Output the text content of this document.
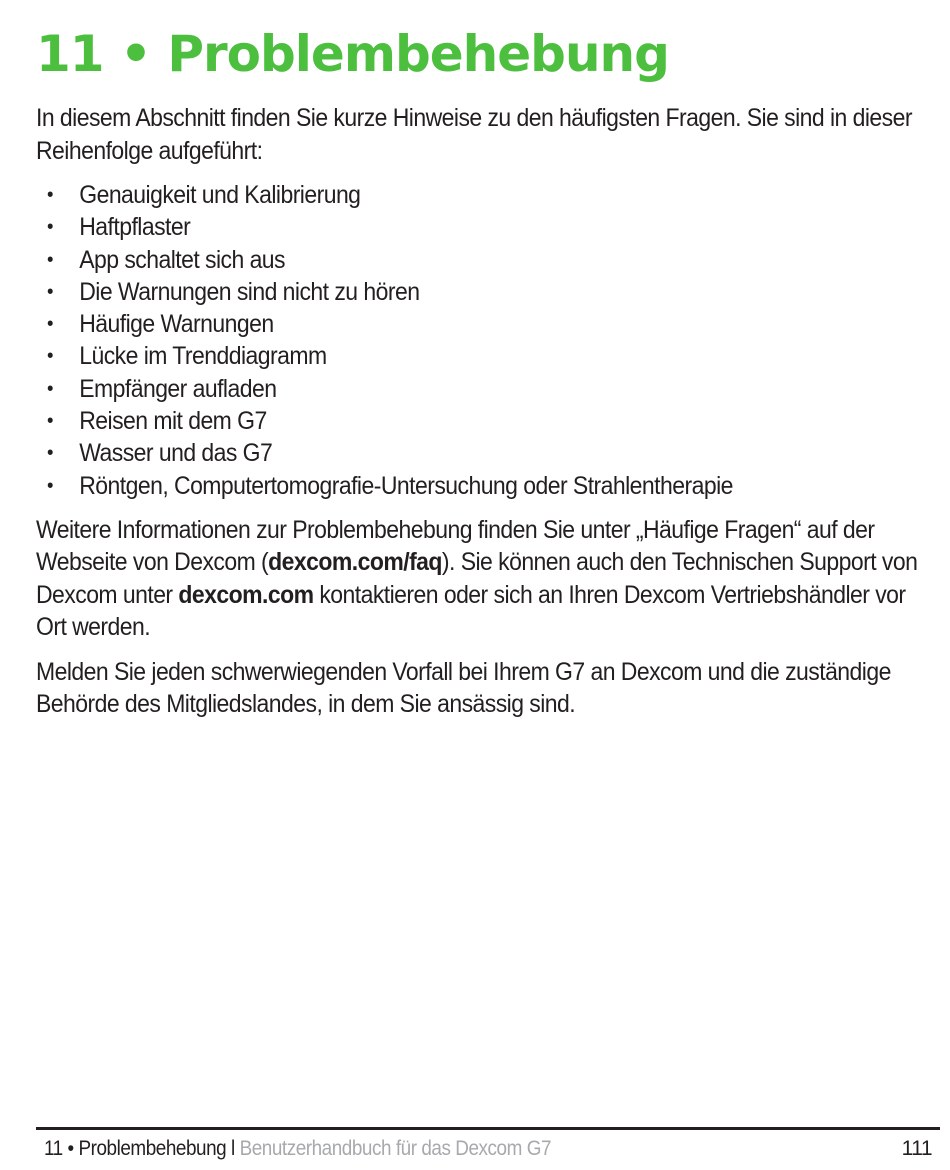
11 • Problembehebung

In diesem Abschnitt finden Sie kurze Hinweise zu den häufigsten Fragen. Sie sind in dieser Reihenfolge aufgeführt:

• Genauigkeit und Kalibrierung
• Haftpflaster
• App schaltet sich aus
• Die Warnungen sind nicht zu hören
• Häufige Warnungen
• Lücke im Trenddiagramm
• Empfänger aufladen
• Reisen mit dem G7
• Wasser und das G7
• Röntgen, Computertomografie-Untersuchung oder Strahlentherapie

Weitere Informationen zur Problembehebung finden Sie unter „Häufige Fragen“ auf der Webseite von Dexcom (dexcom.com/faq). Sie können auch den Technischen Support von Dexcom unter dexcom.com kontaktieren oder sich an Ihren Dexcom Vertriebshändler vor Ort werden.

Melden Sie jeden schwerwiegenden Vorfall bei Ihrem G7 an Dexcom und die zuständige Behörde des Mitgliedslandes, in dem Sie ansässig sind.

11 • Problembehebung l Benutzerhandbuch für das Dexcom G7	111
